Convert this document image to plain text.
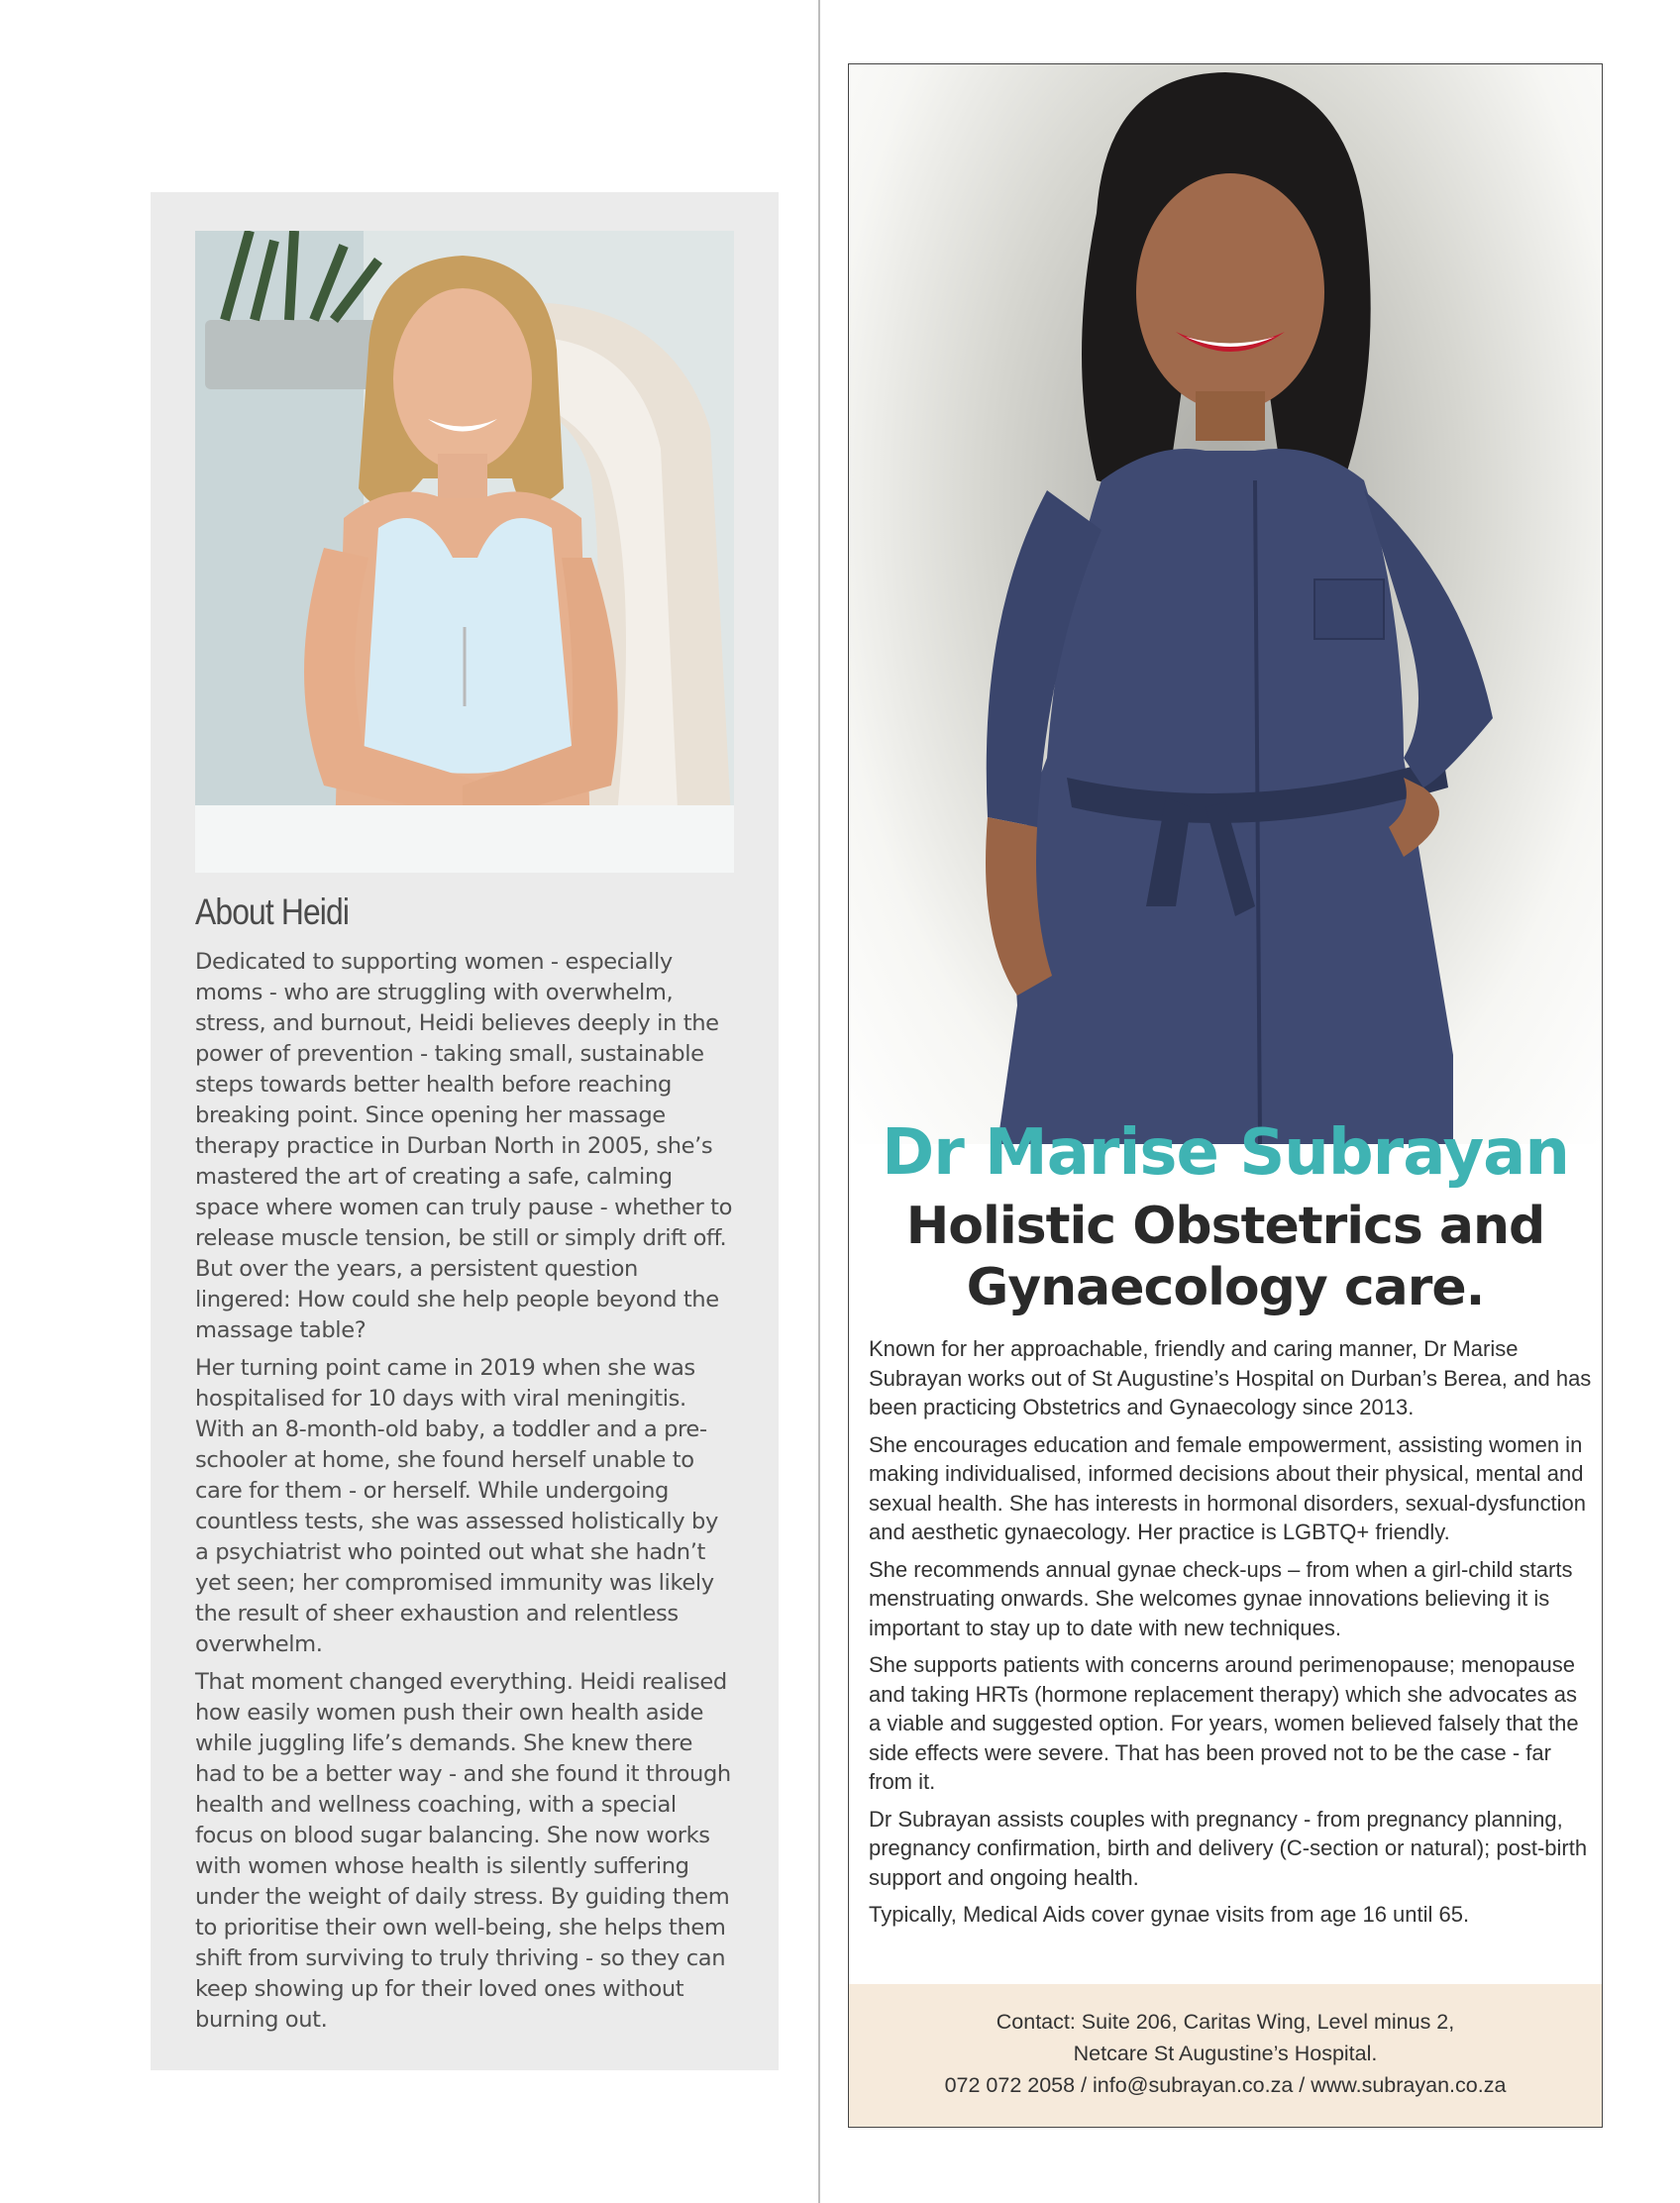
About Heidi

Dedicated to supporting women - especially moms - who are struggling with overwhelm, stress, and burnout, Heidi believes deeply in the power of prevention - taking small, sustainable steps towards better health before reaching breaking point. Since opening her massage therapy practice in Durban North in 2005, she’s mastered the art of creating a safe, calming space where women can truly pause - whether to release muscle tension, be still or simply drift off. But over the years, a persistent question lingered: How could she help people beyond the massage table?

Her turning point came in 2019 when she was hospitalised for 10 days with viral meningitis. With an 8-month-old baby, a toddler and a pre-schooler at home, she found herself unable to care for them - or herself. While undergoing countless tests, she was assessed holistically by a psychiatrist who pointed out what she hadn’t yet seen; her compromised immunity was likely the result of sheer exhaustion and relentless overwhelm.

That moment changed everything. Heidi realised how easily women push their own health aside while juggling life’s demands. She knew there had to be a better way - and she found it through health and wellness coaching, with a special focus on blood sugar balancing. She now works with women whose health is silently suffering under the weight of daily stress. By guiding them to prioritise their own well-being, she helps them shift from surviving to truly thriving - so they can keep showing up for their loved ones without burning out.

Dr Marise Subrayan
Holistic Obstetrics and
Gynaecology care.

Known for her approachable, friendly and caring manner, Dr Marise Subrayan works out of St Augustine’s Hospital on Durban’s Berea, and has been practicing Obstetrics and Gynaecology since 2013.

She encourages education and female empowerment, assisting women in making individualised, informed decisions about their physical, mental and sexual health. She has interests in hormonal disorders, sexual-dysfunction and aesthetic gynaecology. Her practice is LGBTQ+ friendly.

She recommends annual gynae check-ups – from when a girl-child starts menstruating onwards. She welcomes gynae innovations believing it is important to stay up to date with new techniques.

She supports patients with concerns around perimenopause; menopause and taking HRTs (hormone replacement therapy) which she advocates as a viable and suggested option. For years, women believed falsely that the side effects were severe. That has been proved not to be the case - far from it.

Dr Subrayan assists couples with pregnancy - from pregnancy planning, pregnancy confirmation, birth and delivery (C-section or natural); post-birth support and ongoing health.

Typically, Medical Aids cover gynae visits from age 16 until 65.

Contact: Suite 206, Caritas Wing, Level minus 2,
Netcare St Augustine’s Hospital.
072 072 2058 / info@subrayan.co.za / www.subrayan.co.za
